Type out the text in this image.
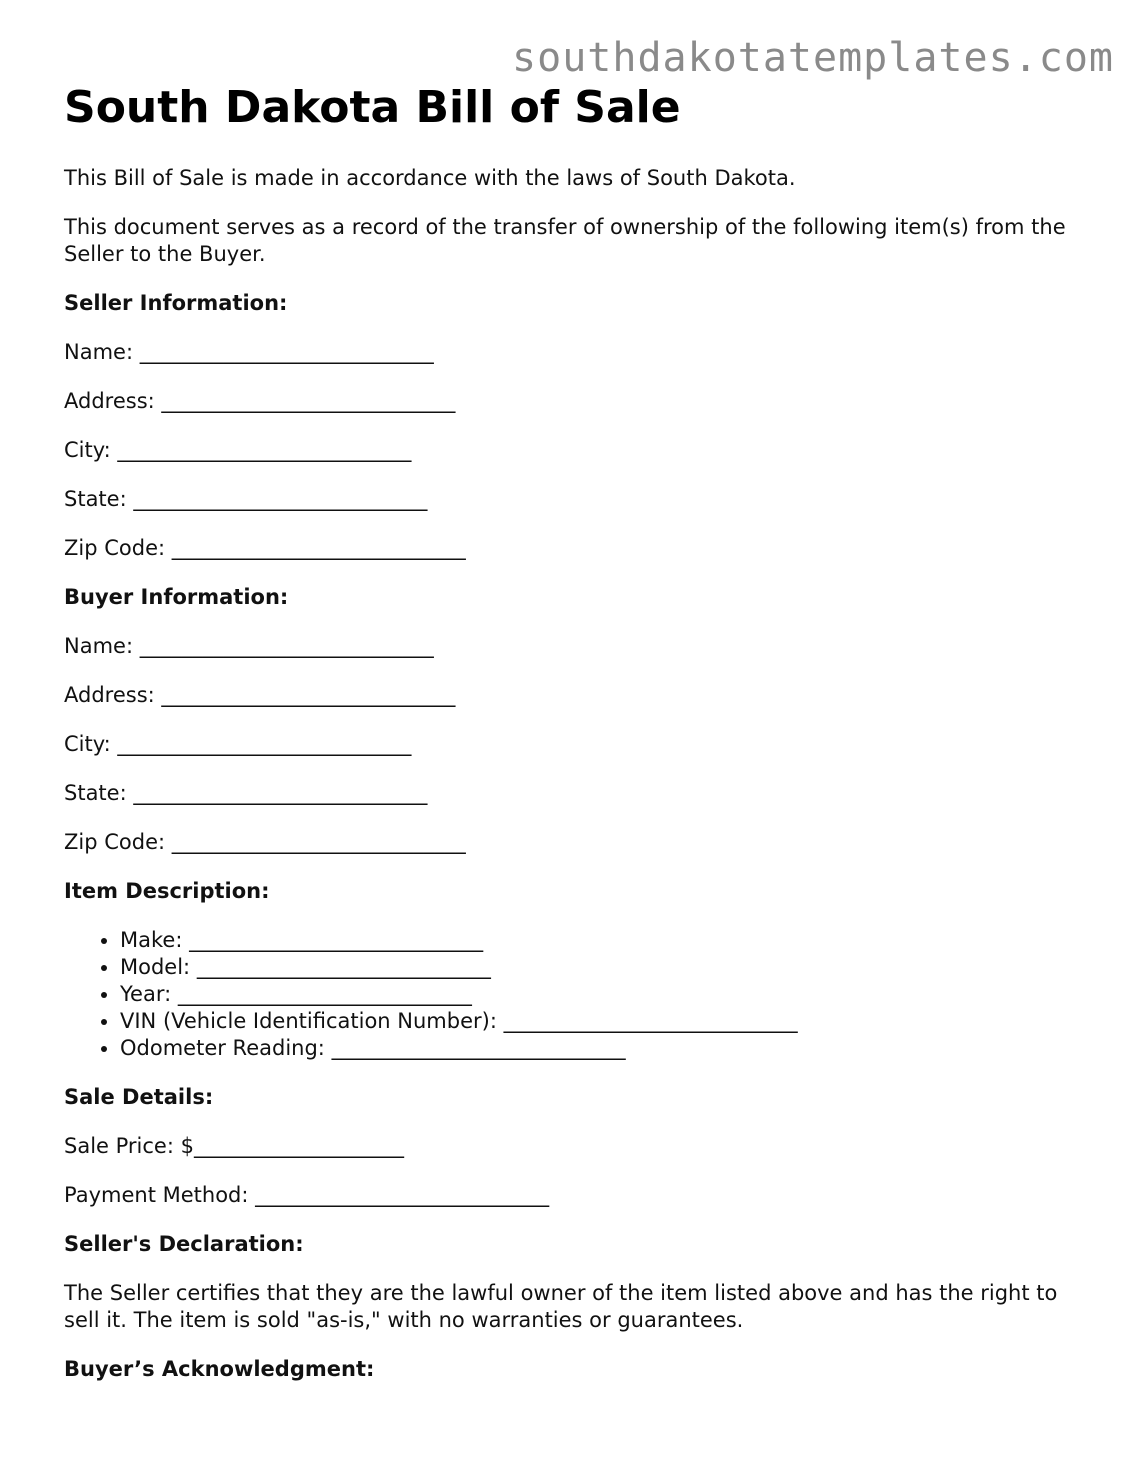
southdakotatemplates.com
South Dakota Bill of Sale

This Bill of Sale is made in accordance with the laws of South Dakota.

This document serves as a record of the transfer of ownership of the following item(s) from the Seller to the Buyer.

Seller Information:

Name: ____________________________

Address: ____________________________

City: ____________________________

State: ____________________________

Zip Code: ____________________________

Buyer Information:

Name: ____________________________

Address: ____________________________

City: ____________________________

State: ____________________________

Zip Code: ____________________________

Item Description:

• Make: ____________________________
• Model: ____________________________
• Year: ____________________________
• VIN (Vehicle Identification Number): ____________________________
• Odometer Reading: ____________________________

Sale Details:

Sale Price: $____________________

Payment Method: ____________________________

Seller's Declaration:

The Seller certifies that they are the lawful owner of the item listed above and has the right to sell it. The item is sold "as-is," with no warranties or guarantees.

Buyer’s Acknowledgment:
